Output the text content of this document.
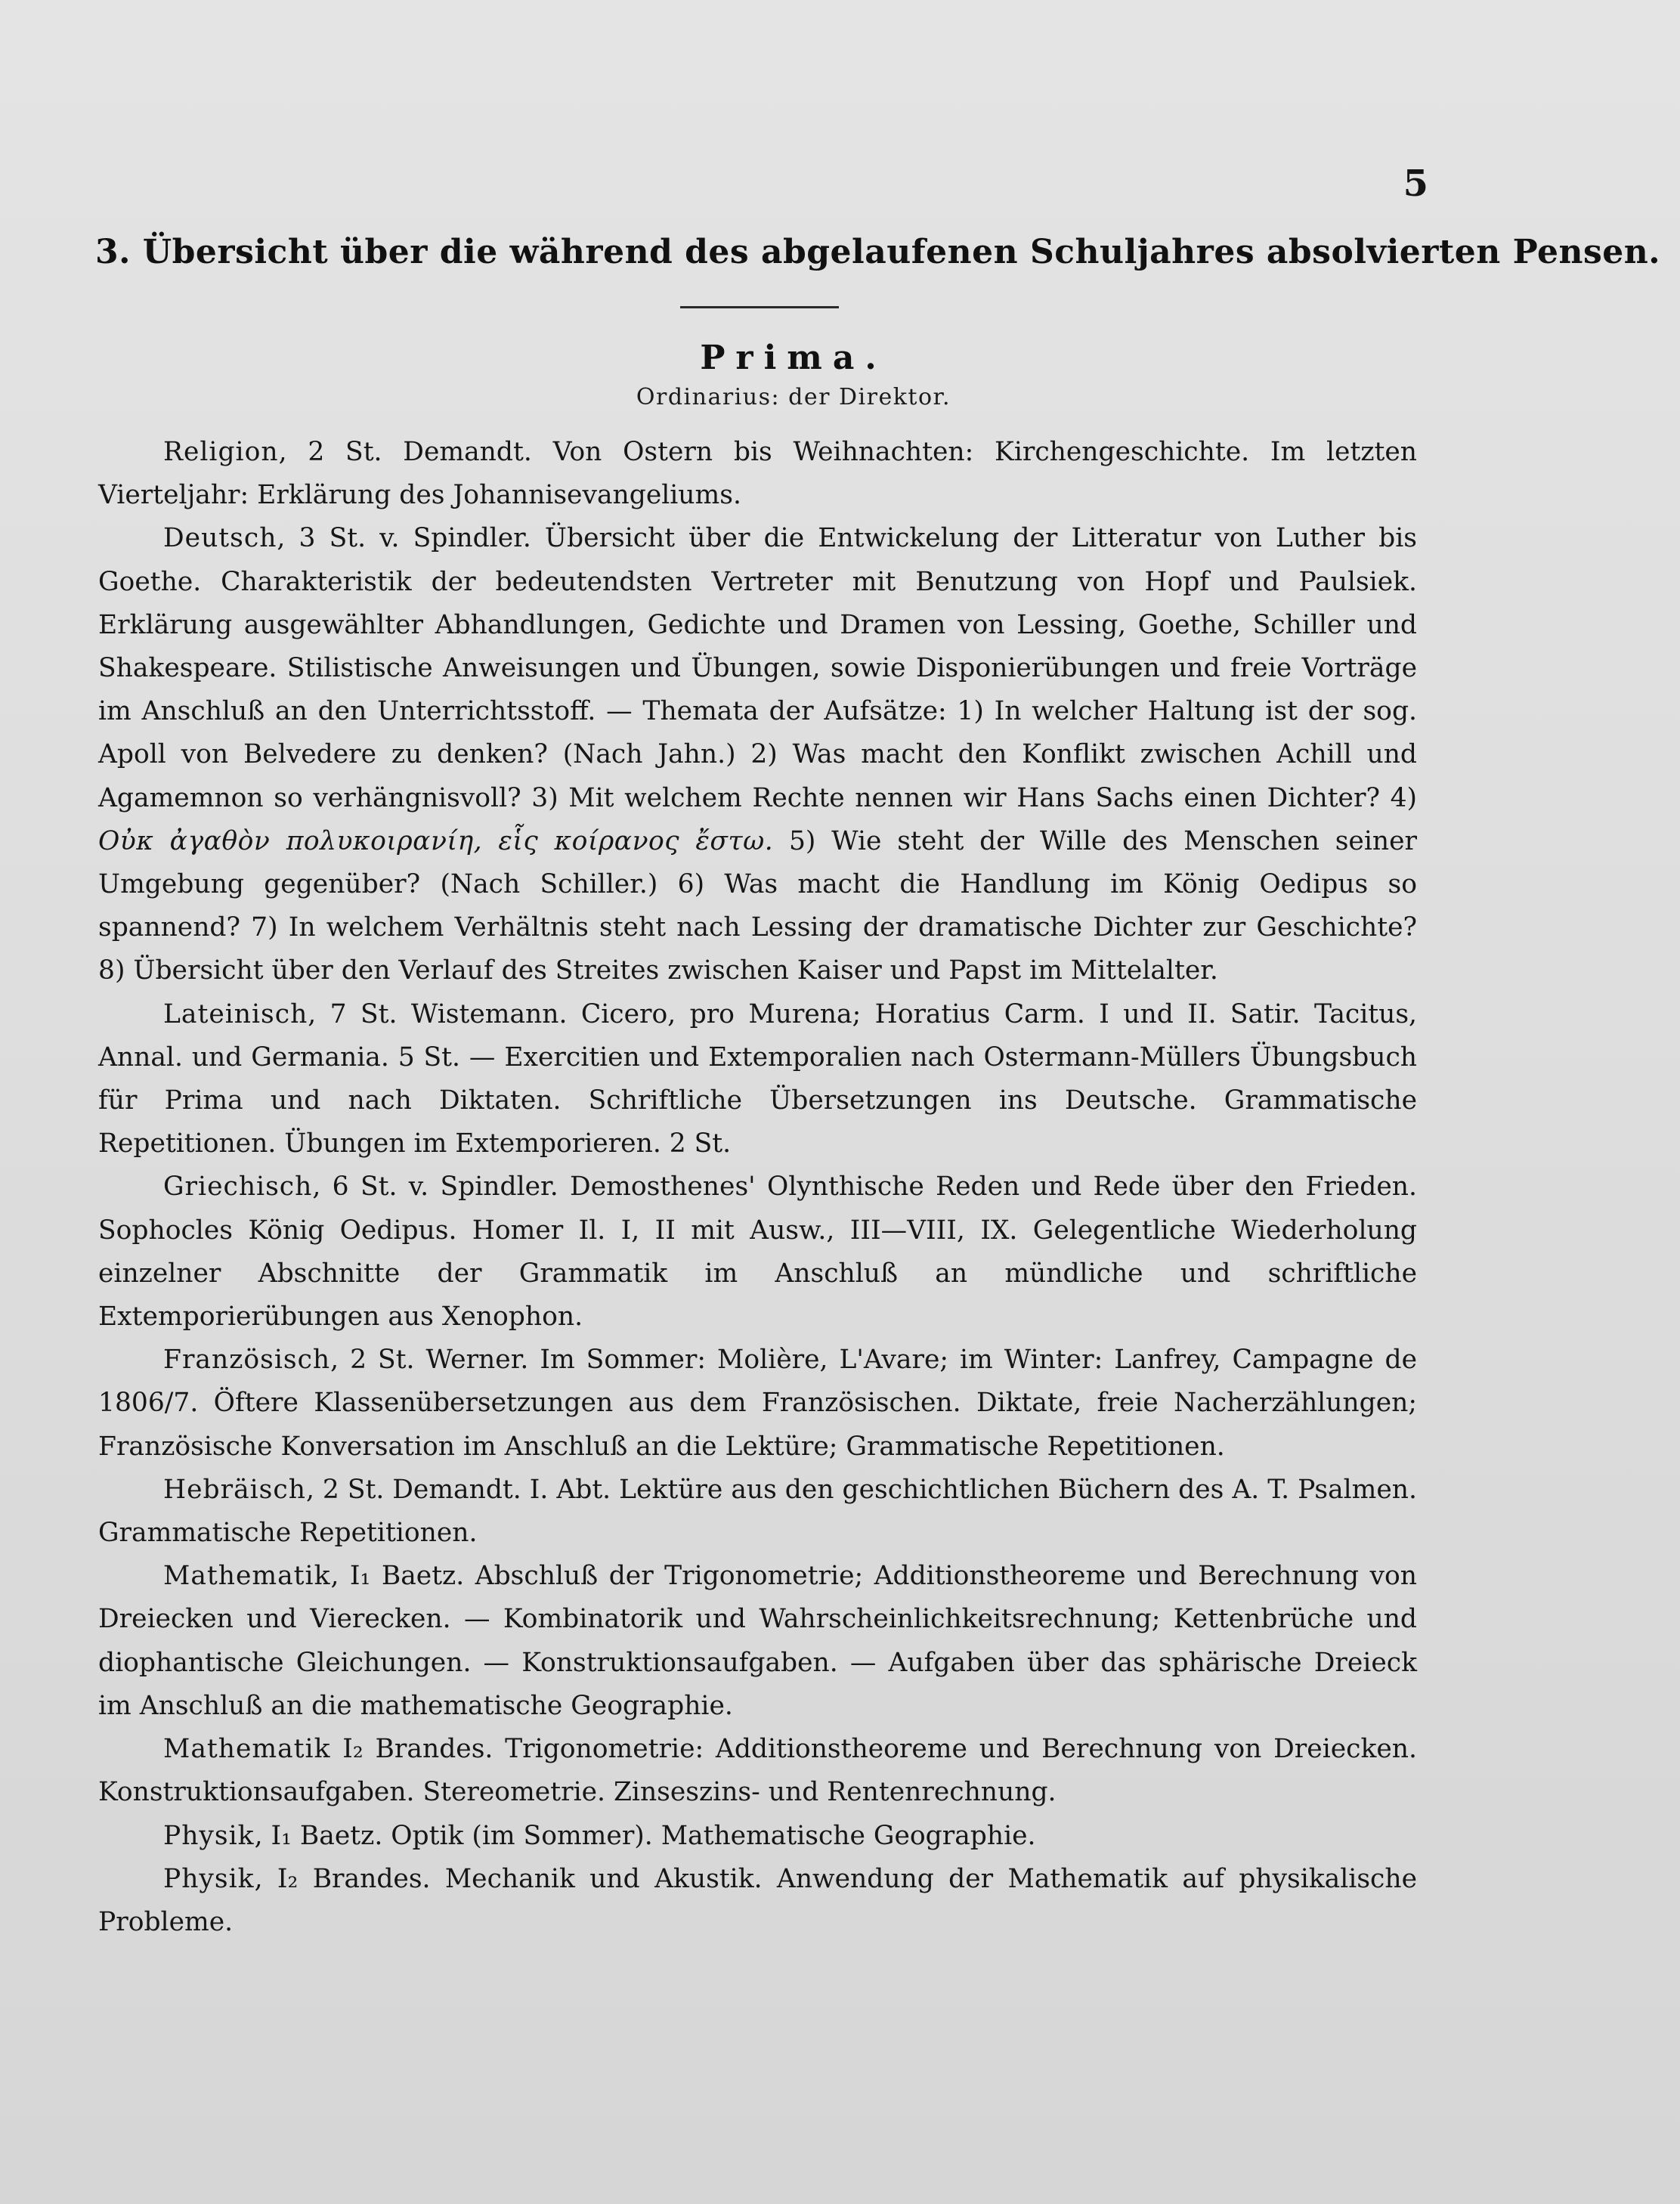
5
3. Übersicht über die während des abgelaufenen Schuljahres absolvierten Pensen.
Prima.
Ordinarius: der Direktor.

Religion, 2 St. Demandt. Von Ostern bis Weihnachten: Kirchengeschichte. Im letzten Vierteljahr: Erklärung des Johannisevangeliums.

Deutsch, 3 St. v. Spindler. Übersicht über die Entwickelung der Litteratur von Luther bis Goethe. Charakteristik der bedeutendsten Vertreter mit Benutzung von Hopf und Paulsiek. Erklärung ausgewählter Abhandlungen, Gedichte und Dramen von Lessing, Goethe, Schiller und Shakespeare. Stilistische Anweisungen und Übungen, sowie Disponierübungen und freie Vorträge im Anschluß an den Unterrichtsstoff. — Themata der Aufsätze: 1) In welcher Haltung ist der sog. Apoll von Belvedere zu denken? (Nach Jahn.) 2) Was macht den Konflikt zwischen Achill und Agamemnon so verhängnisvoll? 3) Mit welchem Rechte nennen wir Hans Sachs einen Dichter? 4) Οὐκ ἀγαθὸν πολυκοιρανίη, εἷς κοίρανος ἔστω. 5) Wie steht der Wille des Menschen seiner Umgebung gegenüber? (Nach Schiller.) 6) Was macht die Handlung im König Oedipus so spannend? 7) In welchem Verhältnis steht nach Lessing der dramatische Dichter zur Geschichte? 8) Übersicht über den Verlauf des Streites zwischen Kaiser und Papst im Mittelalter.

Lateinisch, 7 St. Wistemann. Cicero, pro Murena; Horatius Carm. I und II. Satir. Tacitus, Annal. und Germania. 5 St. — Exercitien und Extemporalien nach Ostermann-Müllers Übungsbuch für Prima und nach Diktaten. Schriftliche Übersetzungen ins Deutsche. Grammatische Repetitionen. Übungen im Extemporieren. 2 St.

Griechisch, 6 St. v. Spindler. Demosthenes' Olynthische Reden und Rede über den Frieden. Sophocles König Oedipus. Homer Il. I, II mit Ausw., III—VIII, IX. Gelegentliche Wiederholung einzelner Abschnitte der Grammatik im Anschluß an mündliche und schriftliche Extemporierübungen aus Xenophon.

Französisch, 2 St. Werner. Im Sommer: Molière, L'Avare; im Winter: Lanfrey, Campagne de 1806/7. Öftere Klassenübersetzungen aus dem Französischen. Diktate, freie Nacherzählungen; Französische Konversation im Anschluß an die Lektüre; Grammatische Repetitionen.

Hebräisch, 2 St. Demandt. I. Abt. Lektüre aus den geschichtlichen Büchern des A. T. Psalmen. Grammatische Repetitionen.

Mathematik, I₁ Baetz. Abschluß der Trigonometrie; Additionstheoreme und Berechnung von Dreiecken und Vierecken. — Kombinatorik und Wahrscheinlichkeitsrechnung; Kettenbrüche und diophantische Gleichungen. — Konstruktionsaufgaben. — Aufgaben über das sphärische Dreieck im Anschluß an die mathematische Geographie.

Mathematik I₂ Brandes. Trigonometrie: Additionstheoreme und Berechnung von Dreiecken. Konstruktionsaufgaben. Stereometrie. Zinseszins- und Rentenrechnung.

Physik, I₁ Baetz. Optik (im Sommer). Mathematische Geographie.

Physik, I₂ Brandes. Mechanik und Akustik. Anwendung der Mathematik auf physikalische Probleme.
